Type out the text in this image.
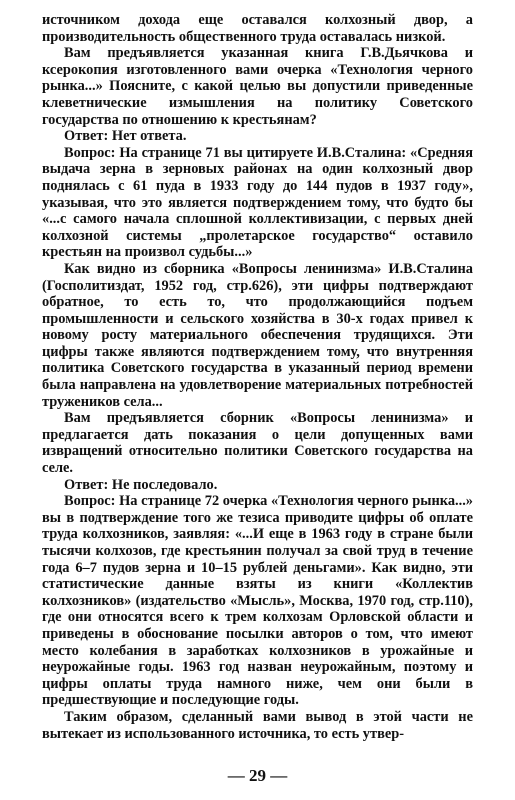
источником дохода еще оставался колхозный двор, а производительность общественного труда оставалась низкой.

Вам предъявляется указанная книга Г.В.Дьячкова и ксерокопия изготовленного вами очерка «Технология черного рынка...» Поясните, с какой целью вы допустили приведенные клеветнические измышления на политику Советского государства по отношению к крестьянам?

Ответ: Нет ответа.

Вопрос: На странице 71 вы цитируете И.В.Сталина: «Средняя выдача зерна в зерновых районах на один колхозный двор поднялась с 61 пуда в 1933 году до 144 пудов в 1937 году», указывая, что это является подтверждением тому, что будто бы «...с самого начала сплошной коллективизации, с первых дней колхозной системы „пролетарское государство“ оставило крестьян на произвол судьбы...»

Как видно из сборника «Вопросы ленинизма» И.В.Сталина (Госполитиздат, 1952 год, стр.626), эти цифры подтверждают обратное, то есть то, что продолжающийся подъем промышленности и сельского хозяйства в 30-х годах привел к новому росту материального обеспечения трудящихся. Эти цифры также являются подтверждением тому, что внутренняя политика Советского государства в указанный период времени была направлена на удовлетворение материальных потребностей тружеников села...

Вам предъявляется сборник «Вопросы ленинизма» и предлагается дать показания о цели допущенных вами извращений относительно политики Советского государства на селе.

Ответ: Не последовало.

Вопрос: На странице 72 очерка «Технология черного рынка...» вы в подтверждение того же тезиса приводите цифры об оплате труда колхозников, заявляя: «...И еще в 1963 году в стране были тысячи колхозов, где крестьянин получал за свой труд в течение года 6–7 пудов зерна и 10–15 рублей деньгами». Как видно, эти статистические данные взяты из книги «Коллектив колхозников» (издательство «Мысль», Москва, 1970 год, стр.110), где они относятся всего к трем колхозам Орловской области и приведены в обоснование посылки авторов о том, что имеют место колебания в заработках колхозников в урожайные и неурожайные годы. 1963 год назван неурожайным, поэтому и цифры оплаты труда намного ниже, чем они были в предшествующие и последующие годы.

Таким образом, сделанный вами вывод в этой части не вытекает из использованного источника, то есть утвер-

— 29 —
